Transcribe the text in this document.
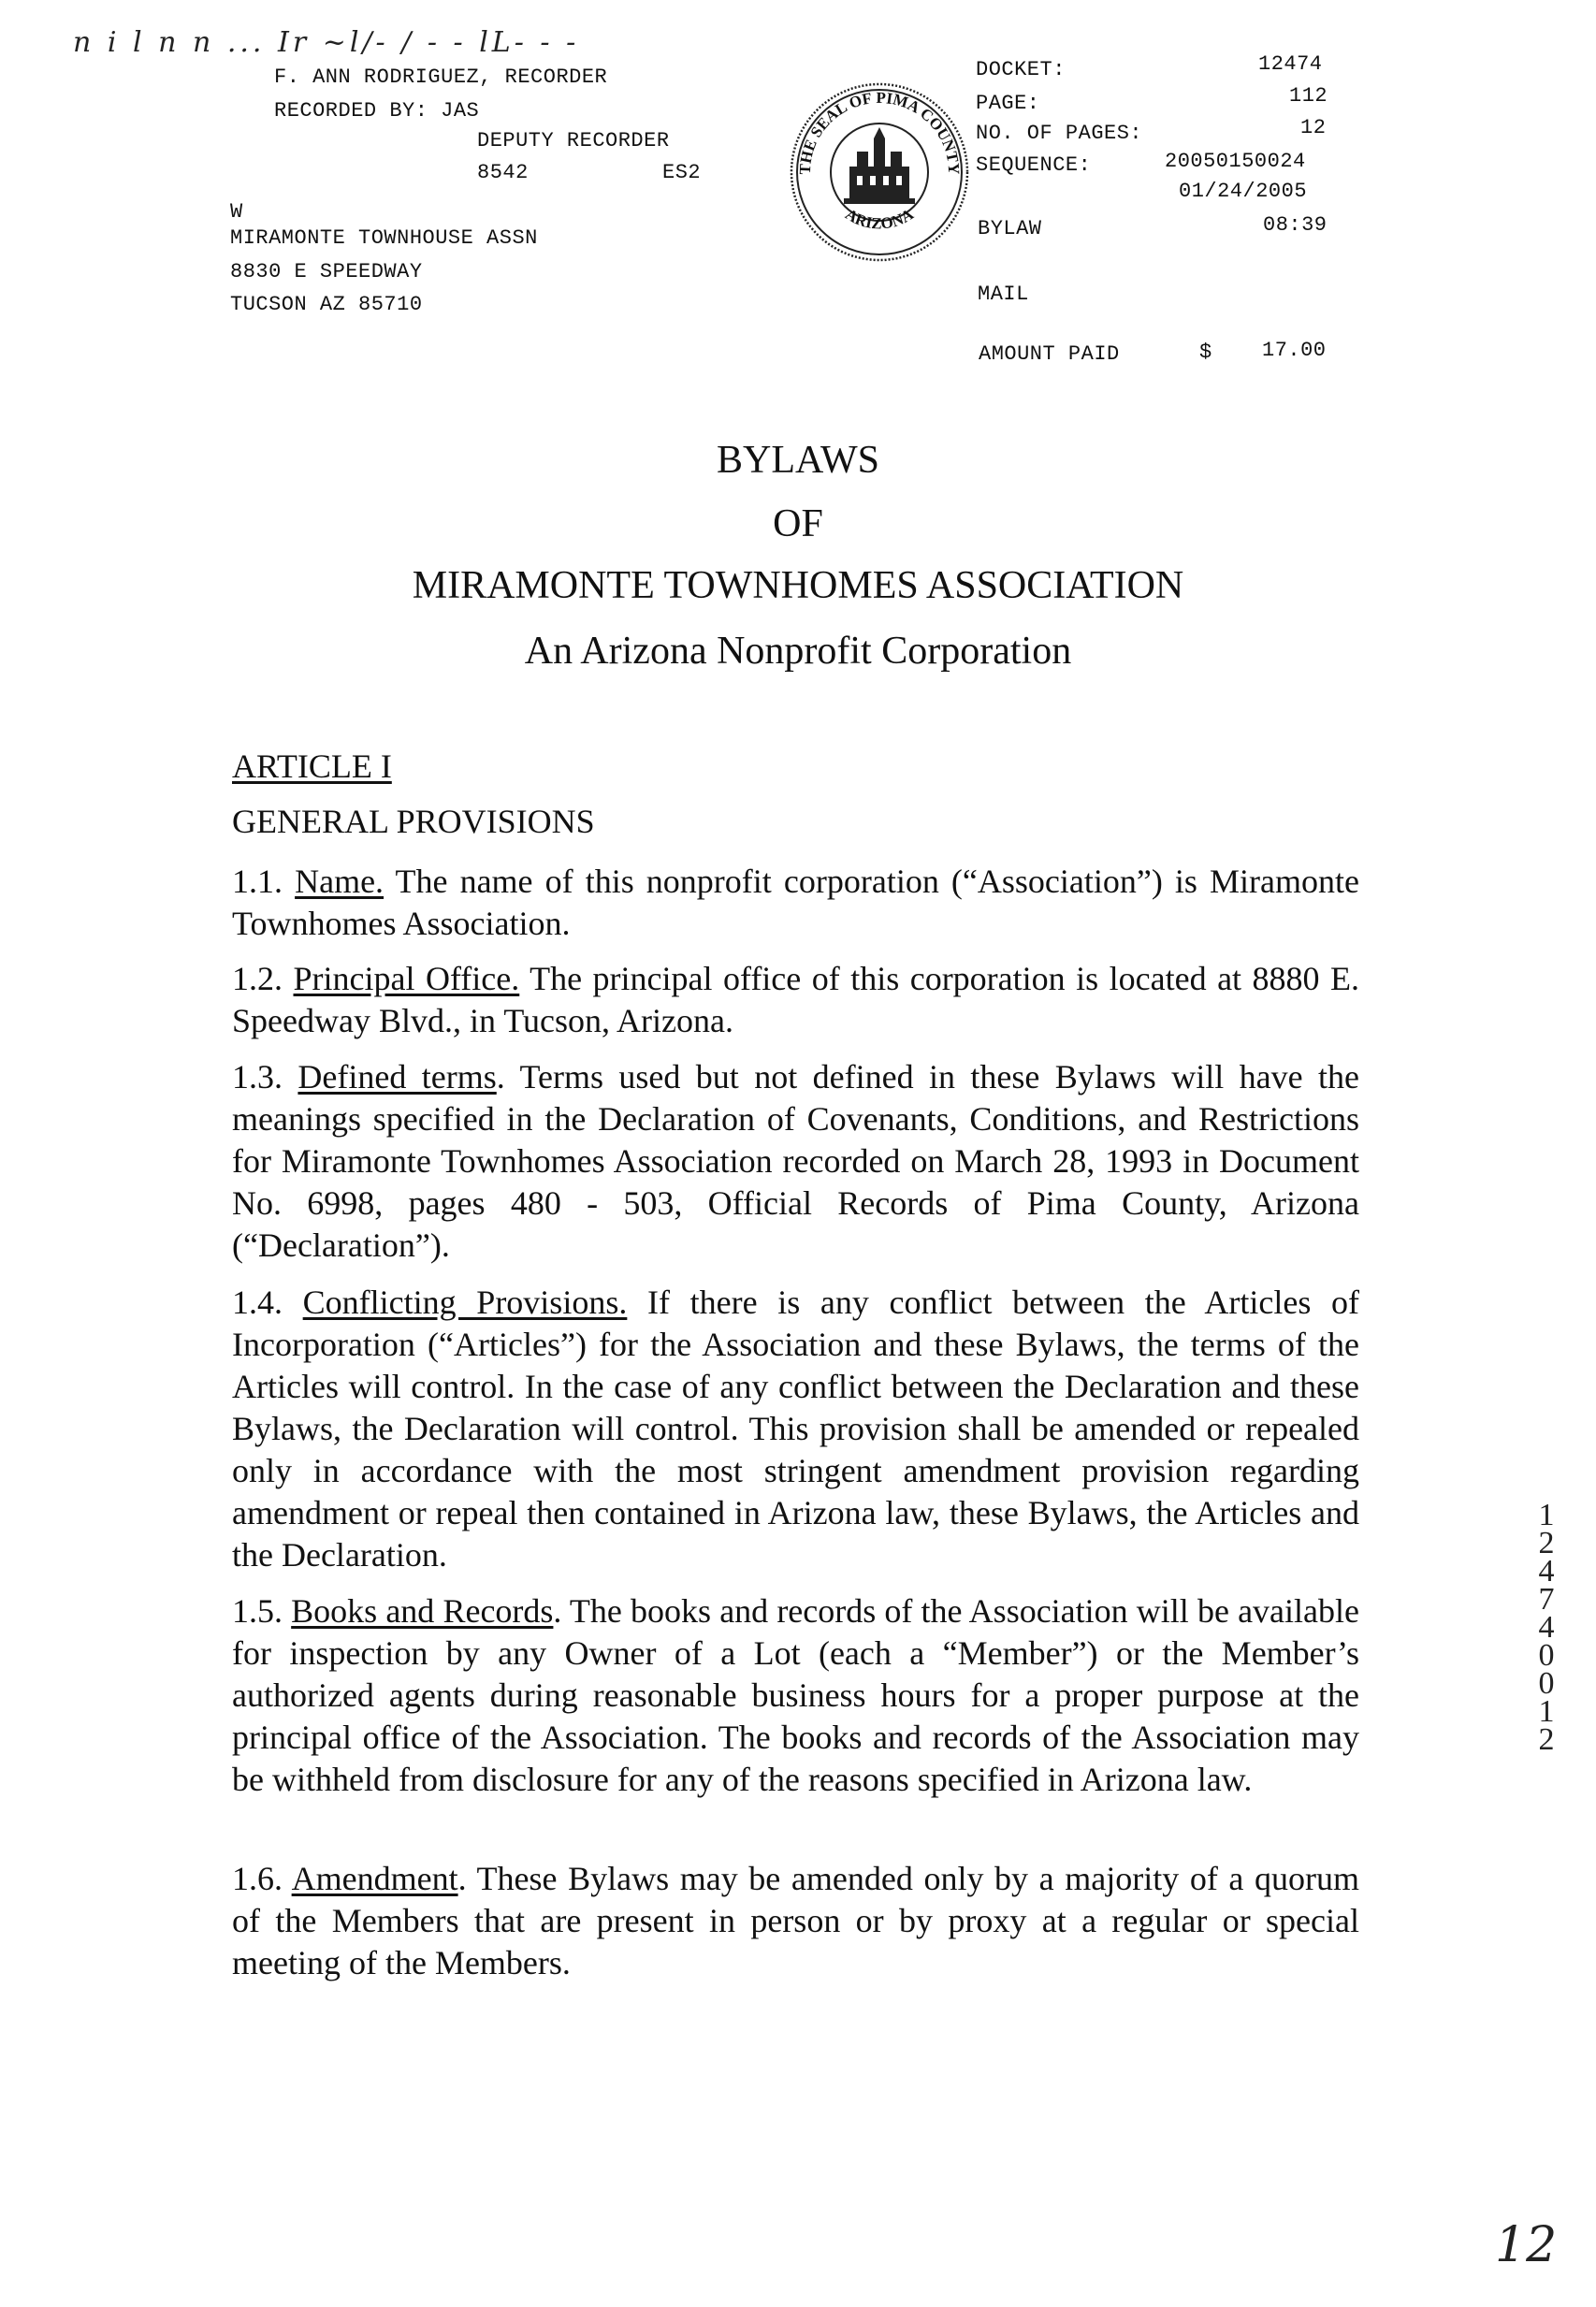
n i l n n ... Ir ~l/- / - - lL- - -
F. ANN RODRIGUEZ, RECORDER
RECORDED BY: JAS
DEPUTY RECORDER
8542	ES2
W
MIRAMONTE TOWNHOUSE ASSN
8830 E SPEEDWAY
TUCSON AZ 85710
THE SEAL OF PIMA COUNTY
ARIZONA
DOCKET:	12474
PAGE:	112
NO. OF PAGES:	12
SEQUENCE:	20050150024
01/24/2005
BYLAW	08:39
MAIL
AMOUNT PAID	$ 17.00
BYLAWS
OF
MIRAMONTE TOWNHOMES ASSOCIATION
An Arizona Nonprofit Corporation
ARTICLE I
GENERAL PROVISIONS
1.1. Name. The name of this nonprofit corporation (“Association”) is Miramonte Townhomes Association.
1.2. Principal Office. The principal office of this corporation is located at 8880 E. Speedway Blvd., in Tucson, Arizona.
1.3. Defined terms. Terms used but not defined in these Bylaws will have the meanings specified in the Declaration of Covenants, Conditions, and Restrictions for Miramonte Townhomes Association recorded on March 28, 1993 in Document No. 6998, pages 480 - 503, Official Records of Pima County, Arizona (“Declaration”).
1.4. Conflicting Provisions. If there is any conflict between the Articles of Incorporation (“Articles”) for the Association and these Bylaws, the terms of the Articles will control. In the case of any conflict between the Declaration and these Bylaws, the Declaration will control. This provision shall be amended or repealed only in accordance with the most stringent amendment provision regarding amendment or repeal then contained in Arizona law, these Bylaws, the Articles and the Declaration.
1.5. Books and Records. The books and records of the Association will be available for inspection by any Owner of a Lot (each a “Member”) or the Member’s authorized agents during reasonable business hours for a proper purpose at the principal office of the Association. The books and records of the Association may be withheld from disclosure for any of the reasons specified in Arizona law.
1.6. Amendment. These Bylaws may be amended only by a majority of a quorum of the Members that are present in person or by proxy at a regular or special meeting of the Members.
12474 0012
12
